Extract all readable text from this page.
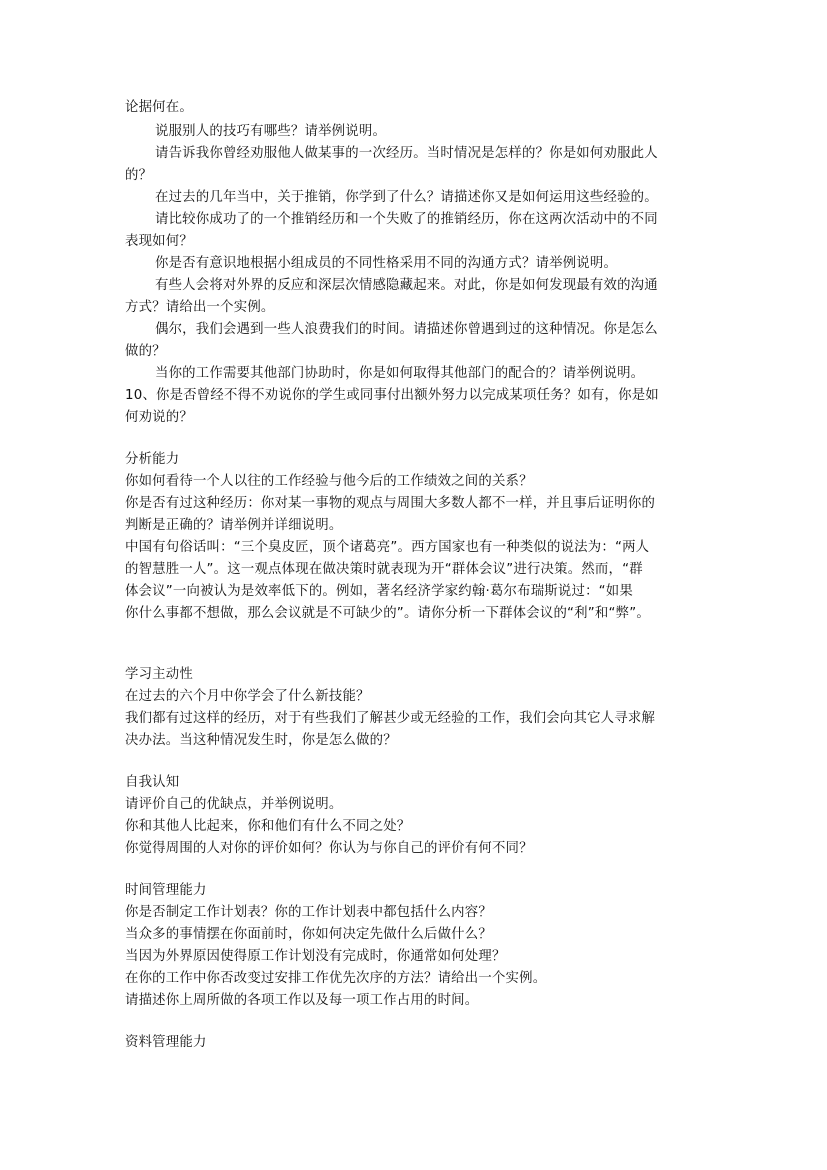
论据何在。
说服别人的技巧有哪些？请举例说明。
请告诉我你曾经劝服他人做某事的一次经历。当时情况是怎样的？你是如何劝服此人
的？
在过去的几年当中，关于推销，你学到了什么？请描述你又是如何运用这些经验的。
请比较你成功了的一个推销经历和一个失败了的推销经历，你在这两次活动中的不同
表现如何？
你是否有意识地根据小组成员的不同性格采用不同的沟通方式？请举例说明。
有些人会将对外界的反应和深层次情感隐藏起来。对此，你是如何发现最有效的沟通
方式？请给出一个实例。
偶尔，我们会遇到一些人浪费我们的时间。请描述你曾遇到过的这种情况。你是怎么
做的？
当你的工作需要其他部门协助时，你是如何取得其他部门的配合的？请举例说明。
10、你是否曾经不得不劝说你的学生或同事付出额外努力以完成某项任务？如有，你是如
何劝说的？
分析能力
你如何看待一个人以往的工作经验与他今后的工作绩效之间的关系？
你是否有过这种经历：你对某一事物的观点与周围大多数人都不一样，并且事后证明你的
判断是正确的？请举例并详细说明。
中国有句俗话叫：“三个臭皮匠，顶个诸葛亮”。西方国家也有一种类似的说法为：“两人
的智慧胜一人”。这一观点体现在做决策时就表现为开“群体会议”进行决策。然而，“群
体会议”一向被认为是效率低下的。例如，著名经济学家约翰·葛尔布瑞斯说过：“如果
你什么事都不想做，那么会议就是不可缺少的”。请你分析一下群体会议的“利”和“弊”。
学习主动性
在过去的六个月中你学会了什么新技能？
我们都有过这样的经历，对于有些我们了解甚少或无经验的工作，我们会向其它人寻求解
决办法。当这种情况发生时，你是怎么做的？
自我认知
请评价自己的优缺点，并举例说明。
你和其他人比起来，你和他们有什么不同之处？
你觉得周围的人对你的评价如何？你认为与你自己的评价有何不同？
时间管理能力
你是否制定工作计划表？你的工作计划表中都包括什么内容？
当众多的事情摆在你面前时，你如何决定先做什么后做什么？
当因为外界原因使得原工作计划没有完成时，你通常如何处理？
在你的工作中你否改变过安排工作优先次序的方法？请给出一个实例。
请描述你上周所做的各项工作以及每一项工作占用的时间。
资料管理能力
